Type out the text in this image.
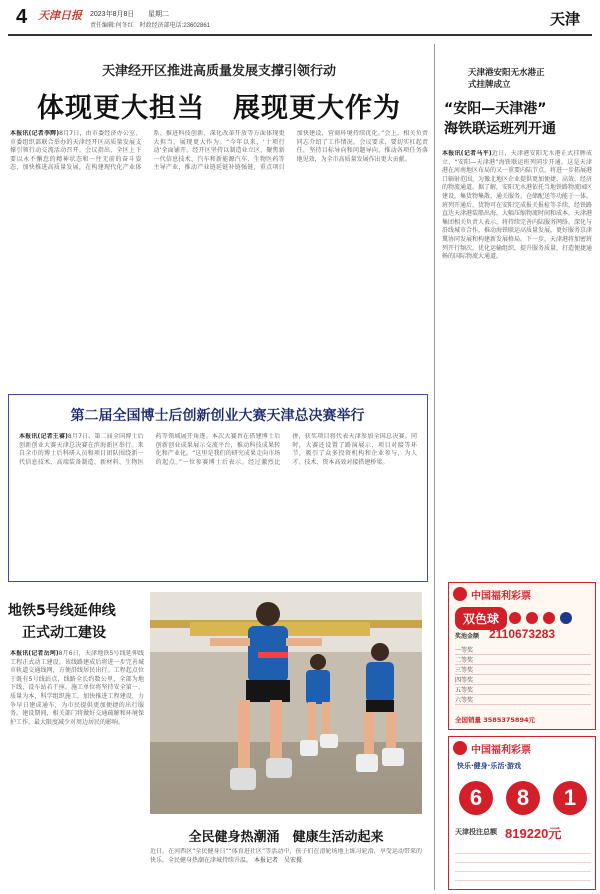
4 天津日报 2023年8月8日 星期二
责任编辑:何冬红　时政经济部电话:23602861	天津
天津经开区推进高质量发展支撑引领行动
体现更大担当　展现更大作为
本报讯(记者李辉)8月7日，由市委经济办公室、市委组织部联合举办的天津经开区高质量发展支撑引领行动交流活动召开。会议指出，全区上下要以永不懈怠的精神状态和一往无前的奋斗姿态，加快推进高质量发展，在构建现代化产业体系、推进科技创新、深化改革开放等方面体现更大担当、展现更大作为。“今年以来，‘十项行动’全面铺开。经开区坚持以制造业立区，聚焦新一代信息技术、汽车和新能源汽车、生物医药等主导产业，推动产业链延链补链强链，重点项目加快建设，营商环境持续优化。”会上，相关负责同志介绍了工作情况。会议要求，要切实扛起责任，坚持目标导向和问题导向，推动各项任务落地见效，为全市高质量发展作出更大贡献。
第二届全国博士后创新创业大赛天津总决赛举行
本报讯(记者王睿)8月7日，第二届全国博士后创新创业大赛天津总决赛在滨海新区举行。来自全市的博士后科研人员和项目团队围绕新一代信息技术、高端装备制造、新材料、生物医药等领域展开角逐。本次大赛旨在搭建博士后创新创业成果展示交流平台，推动科技成果转化和产业化。“这里是我们的研究成果走向市场的起点。”一位参赛博士后表示。经过激烈比拼，获奖项目将代表天津参加全国总决赛。同时，大赛还设置了路演展示、项目对接等环节，吸引了众多投资机构和企业参与，为人才、技术、资本高效对接搭建桥梁。
地铁5号线延伸线
正式动工建设
本报讯(记者岳珂)8月6日，天津地铁5号线延伸线工程正式动工建设。该线路建成后将进一步完善城市轨道交通线网，方便沿线居民出行。工程起点位于既有5号线站点，线路全长约数公里，全部为地下线，设车站若干座。施工单位将坚持安全第一、质量为本，科学组织施工，加快推进工程建设，力争早日建成通车，为市民提供更加便捷的出行服务。建设期间，相关部门将做好交通疏解和环境保护工作，最大限度减少对周边居民的影响。
全民健身热潮涌　健康生活动起来
近日，在河西区“全民健身日”“体育进社区”等活动中，孩子们在滑轮场地上练习轮滑，享受运动带来的快乐，全民健身热潮在津城持续升温。 本报记者　吴宏摄
天津港安阳无水港正
式挂牌成立
“安阳—天津港”
海铁联运班列开通
本报讯(记者马平)近日，天津港安阳无水港正式挂牌成立，“安阳—天津港”海铁联运班列同步开通。这是天津港在河南地区布局的又一重要内陆节点，将进一步拓展港口辐射范围，为豫北地区企业提供更加便捷、高效、经济的物流通道。据了解，安阳无水港依托当地铁路物流园区建设，集货物集散、通关服务、仓储配送等功能于一体。班列开通后，货物可在安阳完成报关报检等手续，经铁路直达天津港装船出海，大幅压缩物流时间和成本。天津港集团相关负责人表示，将持续完善内陆服务网络，深化与沿线城市合作，推动海铁联运高质量发展，更好服务京津冀协同发展和构建新发展格局。下一步，天津港将加密班列开行频次，优化运输组织，提升服务质量，打造便捷通畅的国际物流大通道。
中国福利彩票
双色球

奖池金额 2110673283
一等奖
二等奖
三等奖
四等奖
五等奖
六等奖
全国销量 3585375894元
中国福利彩票
快乐·健身·乐活·游戏
6	8	1
天津投注总额 819220元
